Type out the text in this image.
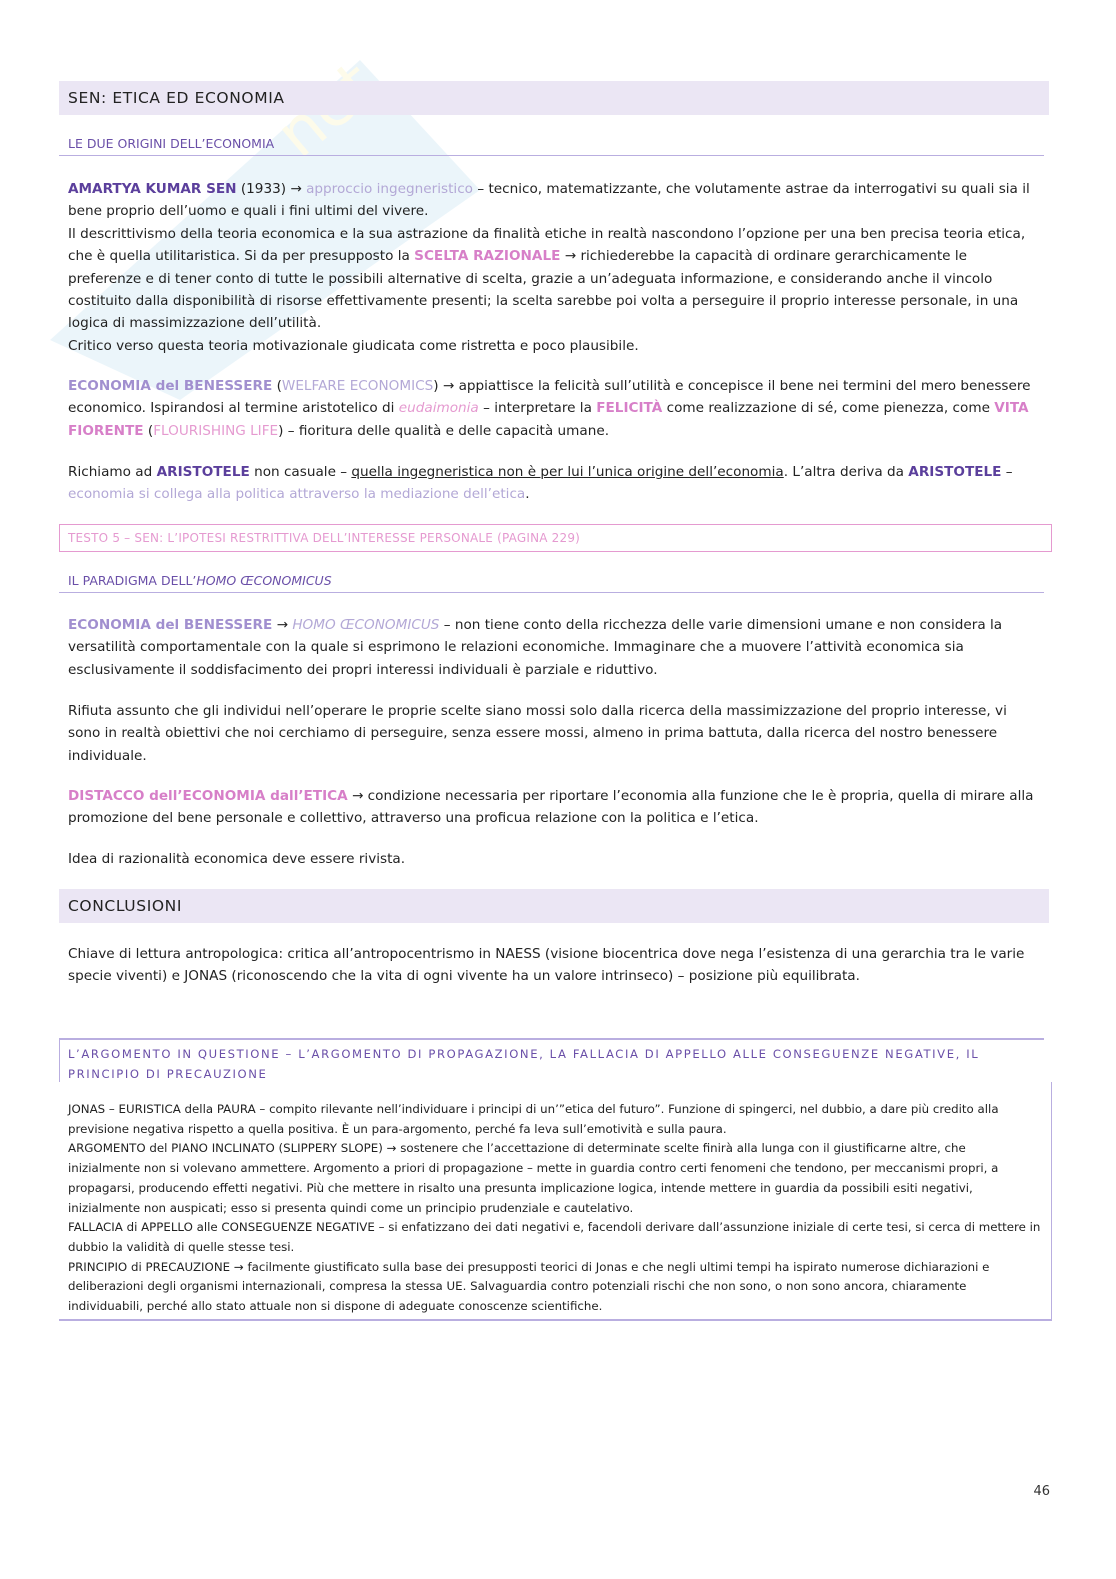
SEN: ETICA ED ECONOMIA
LE DUE ORIGINI DELL’ECONOMIA
AMARTYA KUMAR SEN (1933) → approccio ingegneristico – tecnico, matematizzante, che volutamente astrae da interrogativi su quali sia il bene proprio dell’uomo e quali i fini ultimi del vivere.
Il descrittivismo della teoria economica e la sua astrazione da finalità etiche in realtà nascondono l’opzione per una ben precisa teoria etica, che è quella utilitaristica. Si da per presupposto la SCELTA RAZIONALE → richiederebbe la capacità di ordinare gerarchicamente le preferenze e di tener conto di tutte le possibili alternative di scelta, grazie a un’adeguata informazione, e considerando anche il vincolo costituito dalla disponibilità di risorse effettivamente presenti; la scelta sarebbe poi volta a perseguire il proprio interesse personale, in una logica di massimizzazione dell’utilità.
Critico verso questa teoria motivazionale giudicata come ristretta e poco plausibile.
ECONOMIA del BENESSERE (WELFARE ECONOMICS) → appiattisce la felicità sull’utilità e concepisce il bene nei termini del mero benessere economico. Ispirandosi al termine aristotelico di eudaimonia – interpretare la FELICITÀ come realizzazione di sé, come pienezza, come VITA FIORENTE (FLOURISHING LIFE) – fioritura delle qualità e delle capacità umane.
Richiamo ad ARISTOTELE non casuale – quella ingegneristica non è per lui l’unica origine dell’economia. L’altra deriva da ARISTOTELE – economia si collega alla politica attraverso la mediazione dell’etica.
TESTO 5 – SEN: L’IPOTESI RESTRITTIVA DELL’INTERESSE PERSONALE (PAGINA 229)
IL PARADIGMA DELL’HOMO ŒCONOMICUS
ECONOMIA del BENESSERE → HOMO ŒCONOMICUS – non tiene conto della ricchezza delle varie dimensioni umane e non considera la versatilità comportamentale con la quale si esprimono le relazioni economiche. Immaginare che a muovere l’attività economica sia esclusivamente il soddisfacimento dei propri interessi individuali è parziale e riduttivo.
Rifiuta assunto che gli individui nell’operare le proprie scelte siano mossi solo dalla ricerca della massimizzazione del proprio interesse, vi sono in realtà obiettivi che noi cerchiamo di perseguire, senza essere mossi, almeno in prima battuta, dalla ricerca del nostro benessere individuale.
DISTACCO dell’ECONOMIA dall’ETICA → condizione necessaria per riportare l’economia alla funzione che le è propria, quella di mirare alla promozione del bene personale e collettivo, attraverso una proficua relazione con la politica e l’etica.
Idea di razionalità economica deve essere rivista.
CONCLUSIONI
Chiave di lettura antropologica: critica all’antropocentrismo in NAESS (visione biocentrica dove nega l’esistenza di una gerarchia tra le varie specie viventi) e JONAS (riconoscendo che la vita di ogni vivente ha un valore intrinseco) – posizione più equilibrata.
L’ARGOMENTO IN QUESTIONE – L’ARGOMENTO DI PROPAGAZIONE, LA FALLACIA DI APPELLO ALLE CONSEGUENZE NEGATIVE, IL PRINCIPIO DI PRECAUZIONE

JONAS – EURISTICA della PAURA – compito rilevante nell’individuare i principi di un’”etica del futuro”. Funzione di spingerci, nel dubbio, a dare più credito alla previsione negativa rispetto a quella positiva. È un para-argomento, perché fa leva sull’emotività e sulla paura.

ARGOMENTO del PIANO INCLINATO (SLIPPERY SLOPE) → sostenere che l’accettazione di determinate scelte finirà alla lunga con il giustificarne altre, che inizialmente non si volevano ammettere. Argomento a priori di propagazione – mette in guardia contro certi fenomeni che tendono, per meccanismi propri, a propagarsi, producendo effetti negativi. Più che mettere in risalto una presunta implicazione logica, intende mettere in guardia da possibili esiti negativi, inizialmente non auspicati; esso si presenta quindi come un principio prudenziale e cautelativo.

FALLACIA di APPELLO alle CONSEGUENZE NEGATIVE – si enfatizzano dei dati negativi e, facendoli derivare dall’assunzione iniziale di certe tesi, si cerca di mettere in dubbio la validità di quelle stesse tesi.

PRINCIPIO di PRECAUZIONE → facilmente giustificato sulla base dei presupposti teorici di Jonas e che negli ultimi tempi ha ispirato numerose dichiarazioni e deliberazioni degli organismi internazionali, compresa la stessa UE. Salvaguardia contro potenziali rischi che non sono, o non sono ancora, chiaramente individuabili, perché allo stato attuale non si dispone di adeguate conoscenze scientifiche.

46
